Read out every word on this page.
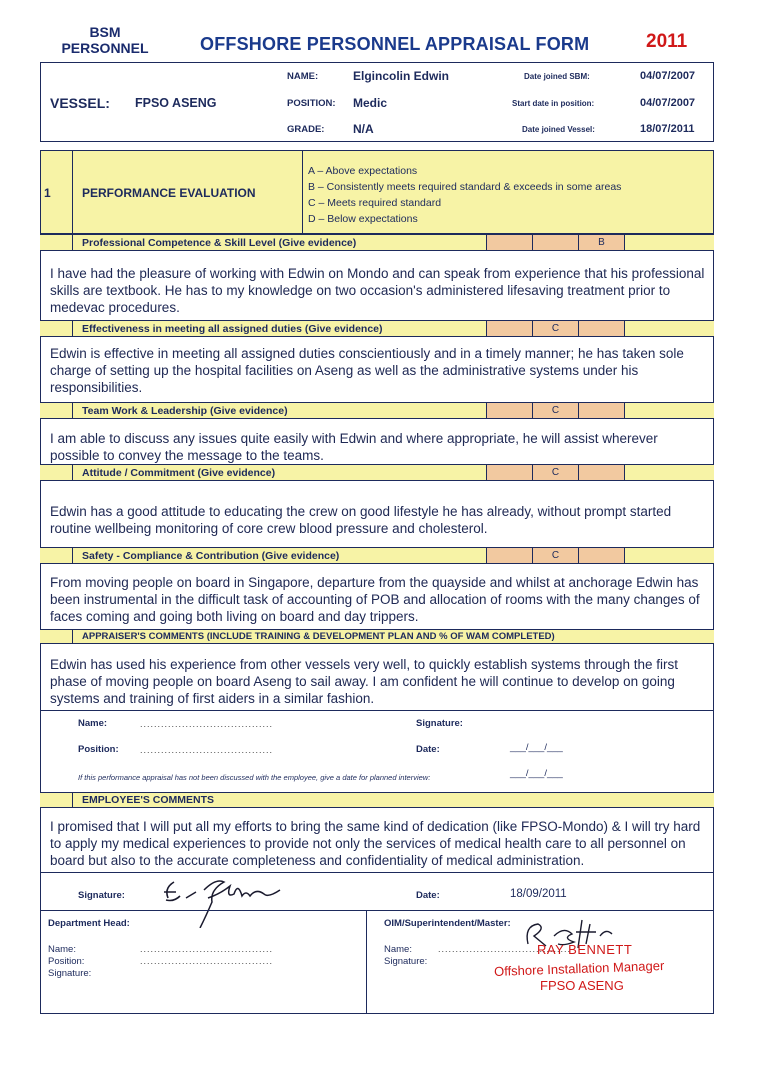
BSM
PERSONNEL	OFFSHORE PERSONNEL APPRAISAL FORM	2011
VESSEL: FPSO ASENG
NAME:	Elgincolin Edwin
POSITION: Medic
GRADE: N/A
Date joined SBM:	04/07/2007
Start date in position:	04/07/2007
Date joined Vessel:	18/07/2011
1	PERFORMANCE EVALUATION
A – Above expectations
B – Consistently meets required standard & exceeds in some areas
C – Meets required standard
D – Below expectations
Professional Competence & Skill Level (Give evidence)	B
I have had the pleasure of working with Edwin on Mondo and can speak from experience that his professional skills are textbook. He has to my knowledge on two occasion's administered lifesaving treatment prior to medevac procedures.
Effectiveness in meeting all assigned duties (Give evidence)	C
Edwin is effective in meeting all assigned duties conscientiously and in a timely manner; he has taken sole charge of setting up the hospital facilities on Aseng as well as the administrative systems under his responsibilities.
Team Work & Leadership (Give evidence)	C
I am able to discuss any issues quite easily with Edwin and where appropriate, he will assist wherever possible to convey the message to the teams.
Attitude / Commitment (Give evidence)	C
Edwin has a good attitude to educating the crew on good lifestyle he has already, without prompt started routine wellbeing monitoring of core crew blood pressure and cholesterol.
Safety - Compliance & Contribution (Give evidence)	C
From moving people on board in Singapore, departure from the quayside and whilst at anchorage Edwin has been instrumental in the difficult task of accounting of POB and allocation of rooms with the many changes of faces coming and going both living on board and day trippers.
APPRAISER'S COMMENTS (INCLUDE TRAINING & DEVELOPMENT PLAN AND % OF WAM COMPLETED)
Edwin has used his experience from other vessels very well, to quickly establish systems through the first phase of moving people on board Aseng to sail away. I am confident he will continue to develop on going systems and training of first aiders in a similar fashion.
Name:	......................................	Signature:
Position: ......................................	Date:	___/___/___
If this performance appraisal has not been discussed with the employee, give a date for planned interview:	___/___/___
EMPLOYEE'S COMMENTS
I promised that I will put all my efforts to bring the same kind of dedication (like FPSO-Mondo) & I will try hard to apply my medical experiences to provide not only the services of medical health care to all personnel on board but also to the accurate completeness and confidentiality of medical administration.
Signature:	Date:	18/09/2011
Department Head:
Name:	......................................
Position:	......................................
Signature:
OIM/Superintendent/Master:
Name:	......................................
Signature:
RAY BENNETT
Offshore Installation Manager
FPSO ASENG
